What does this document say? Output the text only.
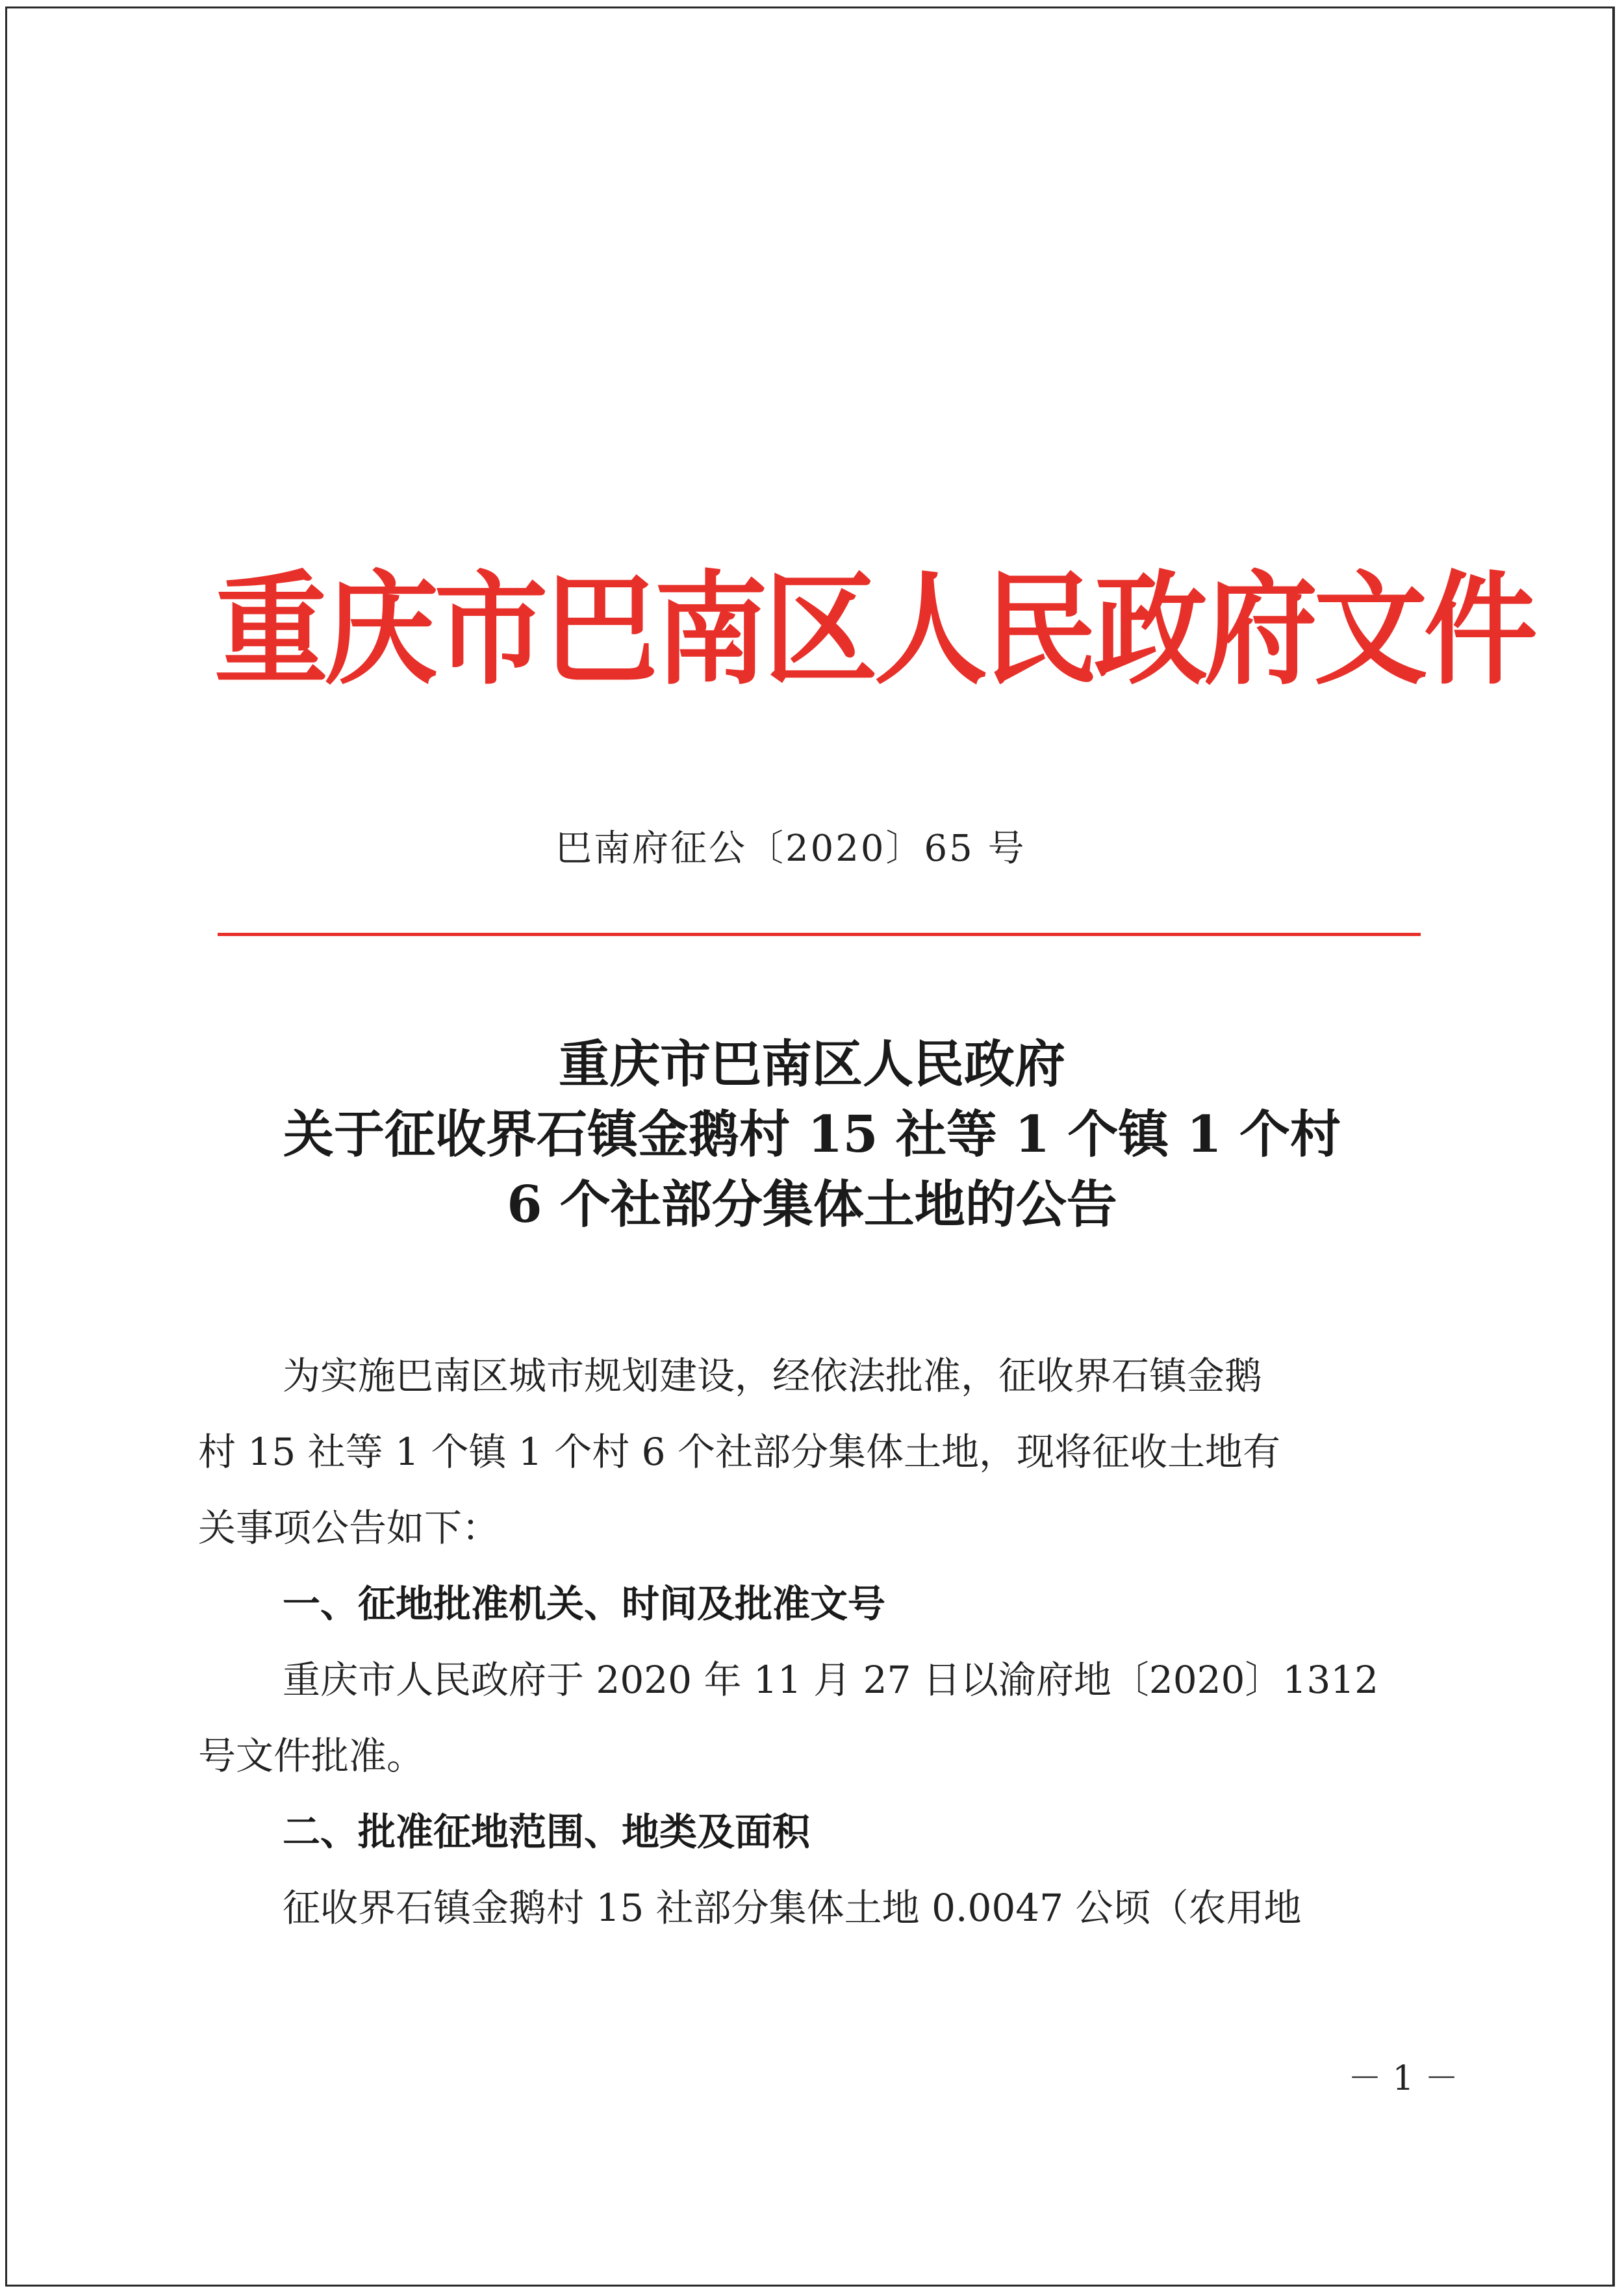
重庆市巴南区人民政府文件
巴南府征公〔2020〕65 号
重庆市巴南区人民政府
关于征收界石镇金鹅村 15 社等 1 个镇 1 个村
6 个社部分集体土地的公告
为实施巴南区城市规划建设，经依法批准，征收界石镇金鹅
村 15 社等 1 个镇 1 个村 6 个社部分集体土地，现将征收土地有
关事项公告如下：
一、征地批准机关、时间及批准文号
重庆市人民政府于 2020 年 11 月 27 日以渝府地〔2020〕1312
号文件批准。
二、批准征地范围、地类及面积
征收界石镇金鹅村 15 社部分集体土地 0.0047 公顷（农用地
－ 1 －
